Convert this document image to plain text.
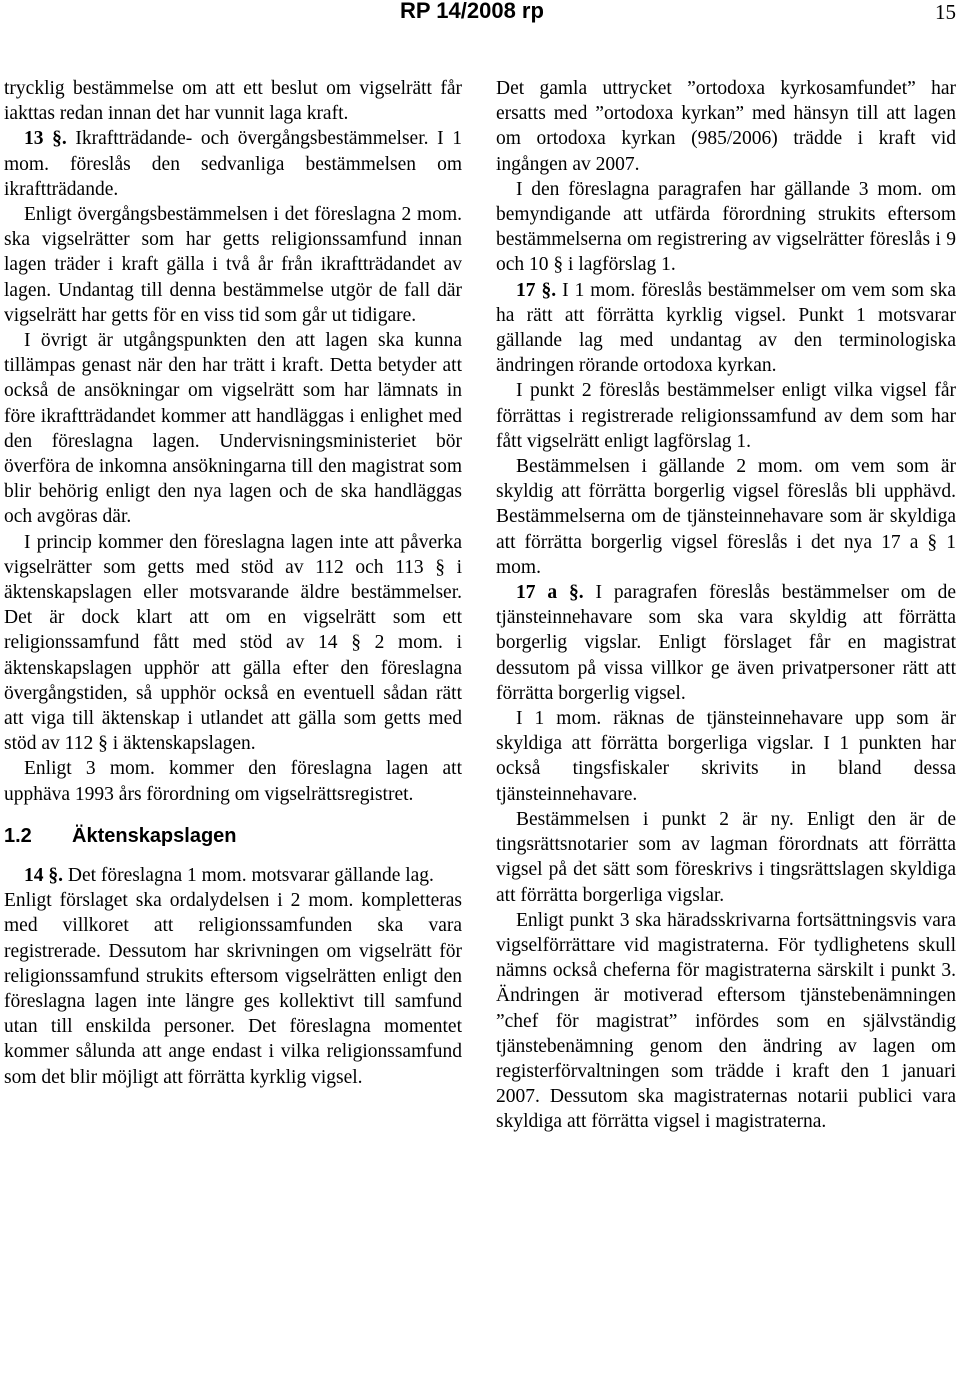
RP 14/2008 rp	15

trycklig bestämmelse om att ett beslut om vigselrätt får iakttas redan innan det har vunnit laga kraft.

13 §. Ikraftträdande- och övergångsbestämmelser. I 1 mom. föreslås den sedvanliga bestämmelsen om ikraftträdande.

Enligt övergångsbestämmelsen i det föreslagna 2 mom. ska vigselrätter som har getts religionssamfund innan lagen träder i kraft gälla i två år från ikraftträdandet av lagen. Undantag till denna bestämmelse utgör de fall där vigselrätt har getts för en viss tid som går ut tidigare.

I övrigt är utgångspunkten den att lagen ska kunna tillämpas genast när den har trätt i kraft. Detta betyder att också de ansökningar om vigselrätt som har lämnats in före ikraftträdandet kommer att handläggas i enlighet med den föreslagna lagen. Undervisningsministeriet bör överföra de inkomna ansökningarna till den magistrat som blir behörig enligt den nya lagen och de ska handläggas och avgöras där.

I princip kommer den föreslagna lagen inte att påverka vigselrätter som getts med stöd av 112 och 113 § i äktenskapslagen eller motsvarande äldre bestämmelser. Det är dock klart att om en vigselrätt som ett religionssamfund fått med stöd av 14 § 2 mom. i äktenskapslagen upphör att gälla efter den föreslagna övergångstiden, så upphör också en eventuell sådan rätt att viga till äktenskap i utlandet att gälla som getts med stöd av 112 § i äktenskapslagen.

Enligt 3 mom. kommer den föreslagna lagen att upphäva 1993 års förordning om vigselrättsregistret.

1.2 Äktenskapslagen

14 §. Det föreslagna 1 mom. motsvarar gällande lag.

Enligt förslaget ska ordalydelsen i 2 mom. kompletteras med villkoret att religionssamfunden ska vara registrerade. Dessutom har skrivningen om vigselrätt för religionssamfund strukits eftersom vigselrätten enligt den föreslagna lagen inte längre ges kollektivt till samfund utan till enskilda personer. Det föreslagna momentet kommer sålunda att ange endast i vilka religionssamfund som det blir möjligt att förrätta kyrklig vigsel.

Det gamla uttrycket ”ortodoxa kyrkosamfundet” har ersatts med ”ortodoxa kyrkan” med hänsyn till att lagen om ortodoxa kyrkan (985/2006) trädde i kraft vid ingången av 2007.

I den föreslagna paragrafen har gällande 3 mom. om bemyndigande att utfärda förordning strukits eftersom bestämmelserna om registrering av vigselrätter föreslås i 9 och 10 § i lagförslag 1.

17 §. I 1 mom. föreslås bestämmelser om vem som ska ha rätt att förrätta kyrklig vigsel. Punkt 1 motsvarar gällande lag med undantag av den terminologiska ändringen rörande ortodoxa kyrkan.

I punkt 2 föreslås bestämmelser enligt vilka vigsel får förrättas i registrerade religionssamfund av dem som har fått vigselrätt enligt lagförslag 1.

Bestämmelsen i gällande 2 mom. om vem som är skyldig att förrätta borgerlig vigsel föreslås bli upphävd. Bestämmelserna om de tjänsteinnehavare som är skyldiga att förrätta borgerlig vigsel föreslås i det nya 17 a § 1 mom.

17 a §. I paragrafen föreslås bestämmelser om de tjänsteinnehavare som ska vara skyldig att förrätta borgerlig vigslar. Enligt förslaget får en magistrat dessutom på vissa villkor ge även privatpersoner rätt att förrätta borgerlig vigsel.

I 1 mom. räknas de tjänsteinnehavare upp som är skyldiga att förrätta borgerliga vigslar. I 1 punkten har också tingsfiskaler skrivits in bland dessa tjänsteinnehavare.

Bestämmelsen i punkt 2 är ny. Enligt den är de tingsrättsnotarier som av lagman förordnats att förrätta vigsel på det sätt som föreskrivs i tingsrättslagen skyldiga att förrätta borgerliga vigslar.

Enligt punkt 3 ska häradsskrivarna fortsättningsvis vara vigselförrättare vid magistraterna. För tydlighetens skull nämns också cheferna för magistraterna särskilt i punkt 3. Ändringen är motiverad eftersom tjänstebenämningen ”chef för magistrat” infördes som en självständig tjänstebenämning genom den ändring av lagen om registerförvaltningen som trädde i kraft den 1 januari 2007. Dessutom ska magistraternas notarii publici vara skyldiga att förrätta vigsel i magistraterna.
